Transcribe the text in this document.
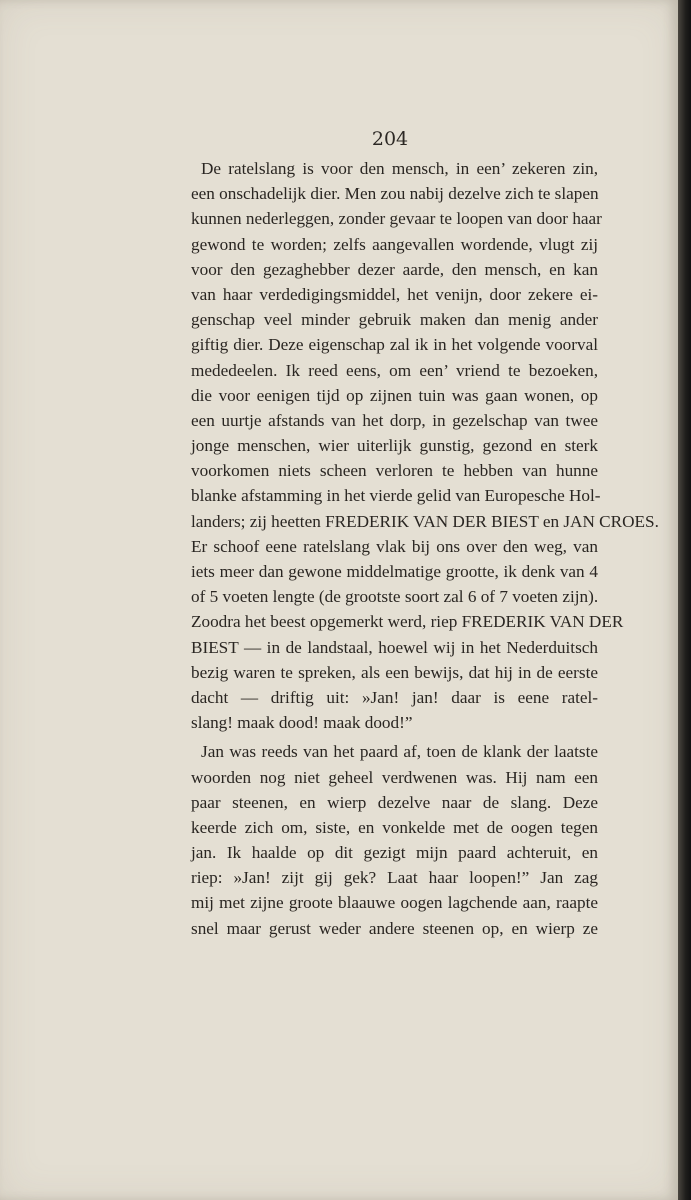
204
De ratelslang is voor den mensch, in een’ zekeren zin,
een onschadelijk dier. Men zou nabij dezelve zich te slapen
kunnen nederleggen, zonder gevaar te loopen van door haar
gewond te worden; zelfs aangevallen wordende, vlugt zij
voor den gezaghebber dezer aarde, den mensch, en kan
van haar verdedigingsmiddel, het venijn, door zekere ei-
genschap veel minder gebruik maken dan menig ander
giftig dier. Deze eigenschap zal ik in het volgende voorval
mededeelen. Ik reed eens, om een’ vriend te bezoeken,
die voor eenigen tijd op zijnen tuin was gaan wonen, op
een uurtje afstands van het dorp, in gezelschap van twee
jonge menschen, wier uiterlijk gunstig, gezond en sterk
voorkomen niets scheen verloren te hebben van hunne
blanke afstamming in het vierde gelid van Europesche Hol-
landers; zij heetten FREDERIK VAN DER BIEST en JAN CROES.
Er schoof eene ratelslang vlak bij ons over den weg, van
iets meer dan gewone middelmatige grootte, ik denk van 4
of 5 voeten lengte (de grootste soort zal 6 of 7 voeten zijn).
Zoodra het beest opgemerkt werd, riep FREDERIK VAN DER
BIEST — in de landstaal, hoewel wij in het Nederduitsch
bezig waren te spreken, als een bewijs, dat hij in de eerste
dacht — driftig uit: »Jan! jan! daar is eene ratel-
slang! maak dood! maak dood!”
Jan was reeds van het paard af, toen de klank der laatste
woorden nog niet geheel verdwenen was. Hij nam een
paar steenen, en wierp dezelve naar de slang. Deze
keerde zich om, siste, en vonkelde met de oogen tegen
jan. Ik haalde op dit gezigt mijn paard achteruit, en
riep: »Jan! zijt gij gek? Laat haar loopen!” Jan zag
mij met zijne groote blaauwe oogen lagchende aan, raapte
snel maar gerust weder andere steenen op, en wierp ze
